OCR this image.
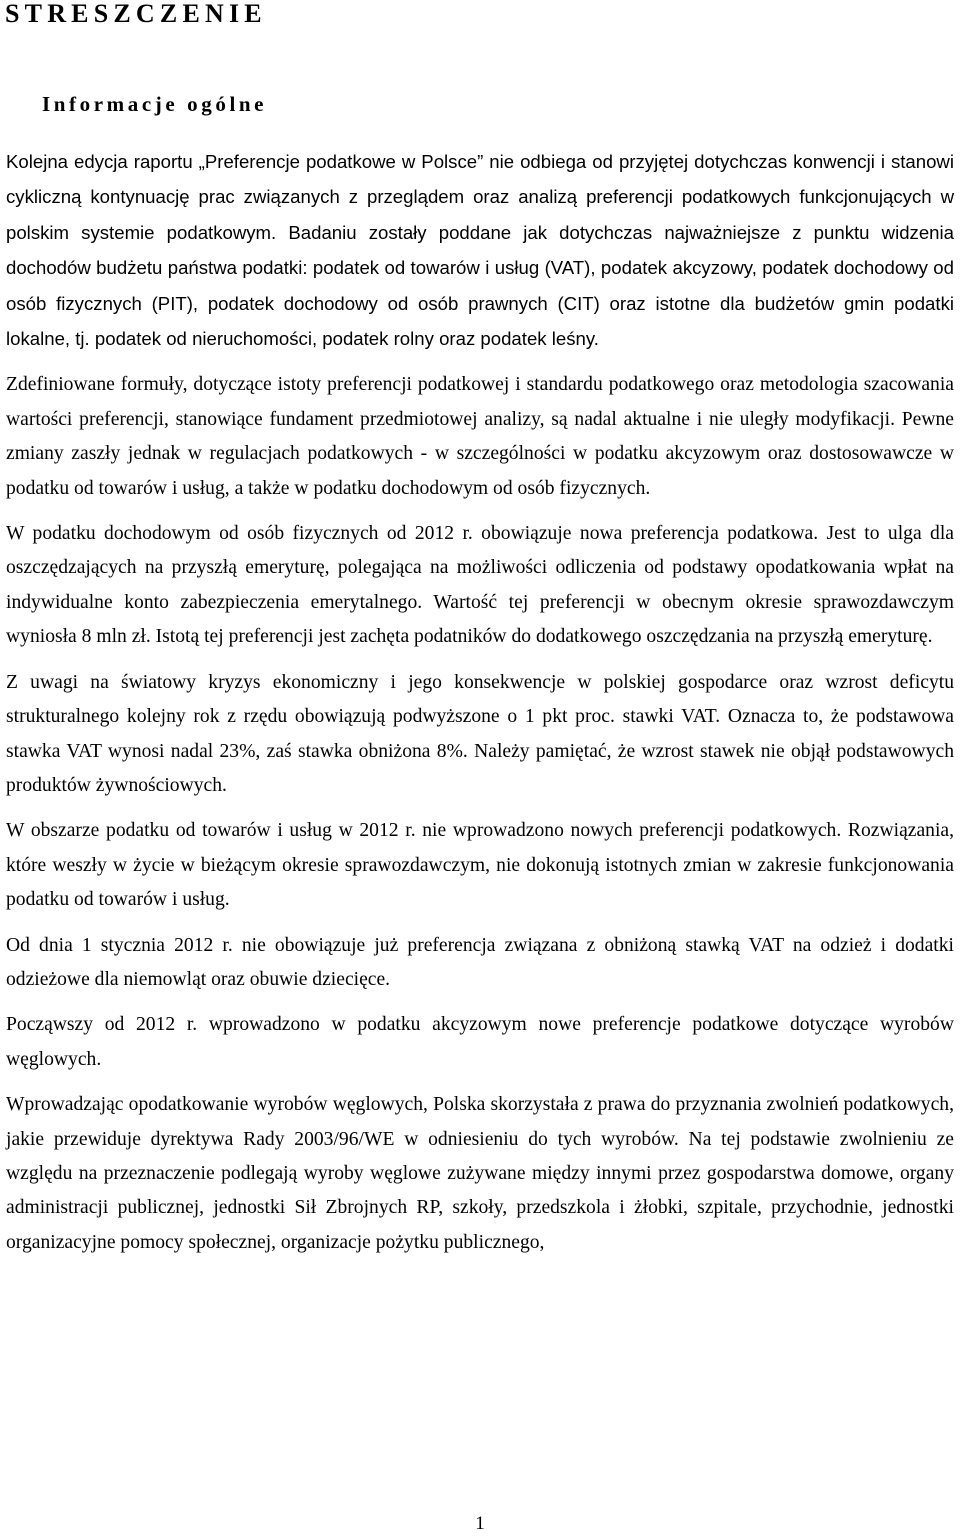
STRESZCZENIE
Informacje ogólne

Kolejna edycja raportu „Preferencje podatkowe w Polsce” nie odbiega od przyjętej dotychczas konwencji i stanowi cykliczną kontynuację prac związanych z przeglądem oraz analizą preferencji podatkowych funkcjonujących w polskim systemie podatkowym. Badaniu zostały poddane jak dotychczas najważniejsze z punktu widzenia dochodów budżetu państwa podatki: podatek od towarów i usług (VAT), podatek akcyzowy, podatek dochodowy od osób fizycznych (PIT), podatek dochodowy od osób prawnych (CIT) oraz istotne dla budżetów gmin podatki lokalne, tj. podatek od nieruchomości, podatek rolny oraz podatek leśny.

Zdefiniowane formuły, dotyczące istoty preferencji podatkowej i standardu podatkowego oraz metodologia szacowania wartości preferencji, stanowiące fundament przedmiotowej analizy, są nadal aktualne i nie uległy modyfikacji. Pewne zmiany zaszły jednak w regulacjach podatkowych - w szczególności w podatku akcyzowym oraz dostosowawcze w podatku od towarów i usług, a także w podatku dochodowym od osób fizycznych.

W podatku dochodowym od osób fizycznych od 2012 r. obowiązuje nowa preferencja podatkowa. Jest to ulga dla oszczędzających na przyszłą emeryturę, polegająca na możliwości odliczenia od podstawy opodatkowania wpłat na indywidualne konto zabezpieczenia emerytalnego. Wartość tej preferencji w obecnym okresie sprawozdawczym wyniosła 8 mln zł. Istotą tej preferencji jest zachęta podatników do dodatkowego oszczędzania na przyszłą emeryturę.

Z uwagi na światowy kryzys ekonomiczny i jego konsekwencje w polskiej gospodarce oraz wzrost deficytu strukturalnego kolejny rok z rzędu obowiązują podwyższone o 1 pkt proc. stawki VAT. Oznacza to, że podstawowa stawka VAT wynosi nadal 23%, zaś stawka obniżona 8%. Należy pamiętać, że wzrost stawek nie objął podstawowych produktów żywnościowych.

W obszarze podatku od towarów i usług w 2012 r. nie wprowadzono nowych preferencji podatkowych. Rozwiązania, które weszły w życie w bieżącym okresie sprawozdawczym, nie dokonują istotnych zmian w zakresie funkcjonowania podatku od towarów i usług.

Od dnia 1 stycznia 2012 r. nie obowiązuje już preferencja związana z obniżoną stawką VAT na odzież i dodatki odzieżowe dla niemowląt oraz obuwie dziecięce.

Począwszy od 2012 r. wprowadzono w podatku akcyzowym nowe preferencje podatkowe dotyczące wyrobów węglowych.

Wprowadzając opodatkowanie wyrobów węglowych, Polska skorzystała z prawa do przyznania zwolnień podatkowych, jakie przewiduje dyrektywa Rady 2003/96/WE w odniesieniu do tych wyrobów. Na tej podstawie zwolnieniu ze względu na przeznaczenie podlegają wyroby węglowe zużywane między innymi przez gospodarstwa domowe, organy administracji publicznej, jednostki Sił Zbrojnych RP, szkoły, przedszkola i żłobki, szpitale, przychodnie, jednostki organizacyjne pomocy społecznej, organizacje pożytku publicznego,

1
